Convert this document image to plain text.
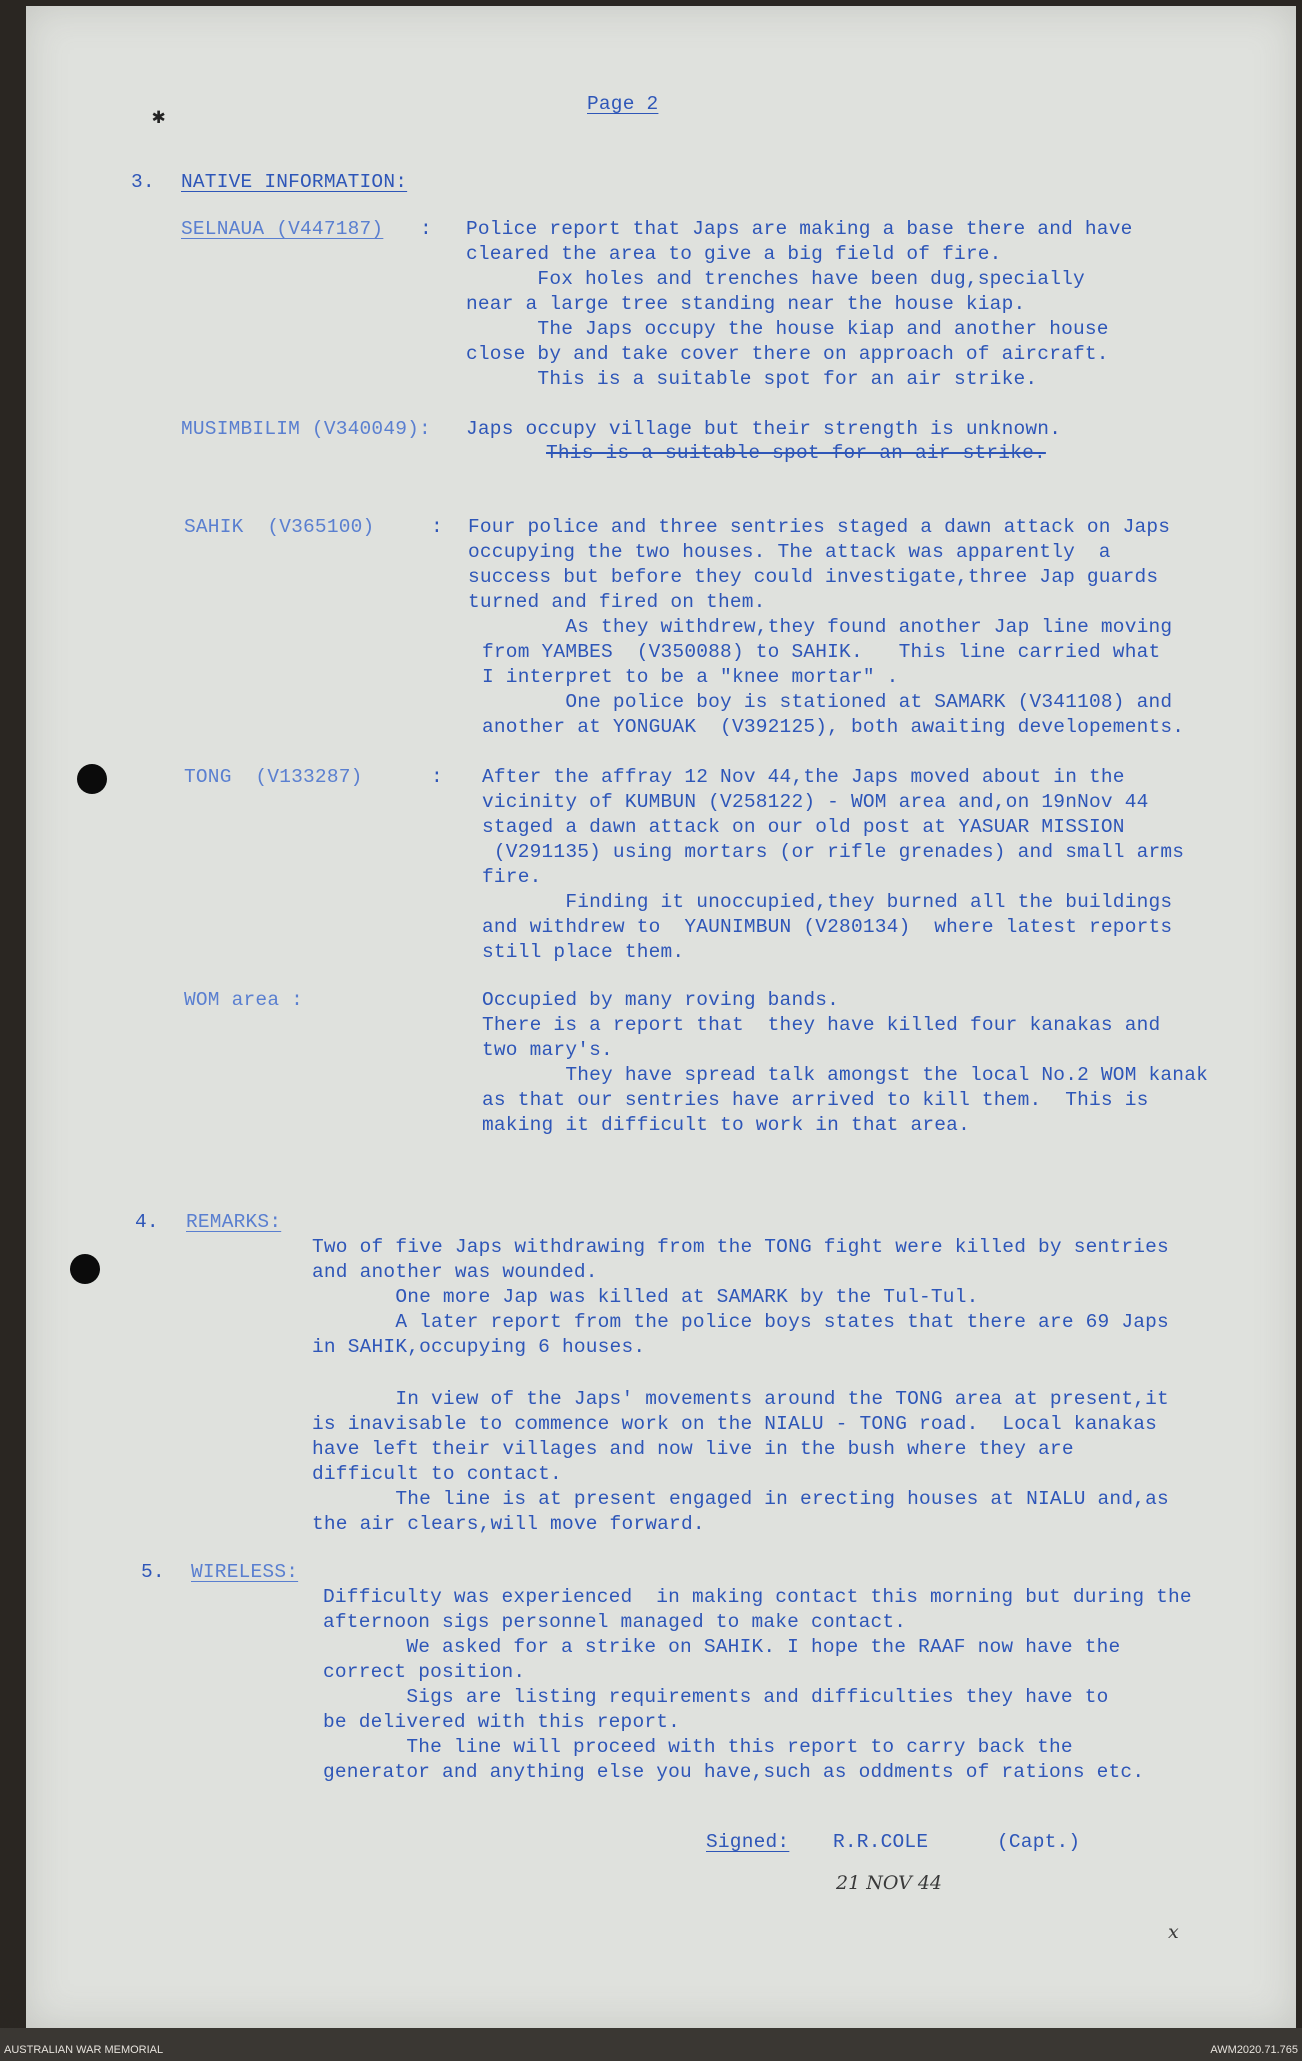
✱
Page 2
3. NATIVE INFORMATION:
SELNAUA (V447187) : Police report that Japs are making a base there and have
cleared the area to give a big field of fire.
Fox holes and trenches have been dug,specially
near a large tree standing near the house kiap.
The Japs occupy the house kiap and another house
close by and take cover there on approach of aircraft.
This is a suitable spot for an air strike.
MUSIMBILIM (V340049): Japs occupy village but their strength is unknown.
This is a suitable spot for an air strike.
SAHIK  (V365100)	: Four police and three sentries staged a dawn attack on Japs
occupying the two houses. The attack was apparently  a
success but before they could investigate,three Jap guards
turned and fired on them.
As they withdrew,they found another Jap line moving
from YAMBES  (V350088) to SAHIK.   This line carried what
I interpret to be a "knee mortar" .
One police boy is stationed at SAMARK (V341108) and
another at YONGUAK  (V392125), both awaiting developements.
TONG  (V133287)	: After the affray 12 Nov 44,the Japs moved about in the
vicinity of KUMBUN (V258122) - WOM area and,on 19nNov 44
staged a dawn attack on our old post at YASUAR MISSION
(V291135) using mortars (or rifle grenades) and small arms
fire.
Finding it unoccupied,they burned all the buildings
and withdrew to  YAUNIMBUN (V280134)  where latest reports
still place them.
WOM area :	Occupied by many roving bands.
There is a report that  they have killed four kanakas and
two mary's.
They have spread talk amongst the local No.2 WOM kanak
as that our sentries have arrived to kill them.  This is
making it difficult to work in that area.
4. REMARKS:
Two of five Japs withdrawing from the TONG fight were killed by sentries
and another was wounded.
One more Jap was killed at SAMARK by the Tul-Tul.
A later report from the police boys states that there are 69 Japs
in SAHIK,occupying 6 houses.
In view of the Japs' movements around the TONG area at present,it
is inavisable to commence work on the NIALU - TONG road.  Local kanakas
have left their villages and now live in the bush where they are
difficult to contact.
The line is at present engaged in erecting houses at NIALU and,as
the air clears,will move forward.
5. WIRELESS:
Difficulty was experienced  in making contact this morning but during the
afternoon sigs personnel managed to make contact.
We asked for a strike on SAHIK. I hope the RAAF now have the
correct position.
Sigs are listing requirements and difficulties they have to
be delivered with this report.
The line will proceed with this report to carry back the
generator and anything else you have,such as oddments of rations etc.
Signed: R.R.COLE	(Capt.)
21 NOV 44
x
AUSTRALIAN WAR MEMORIAL	AWM2020.71.765
